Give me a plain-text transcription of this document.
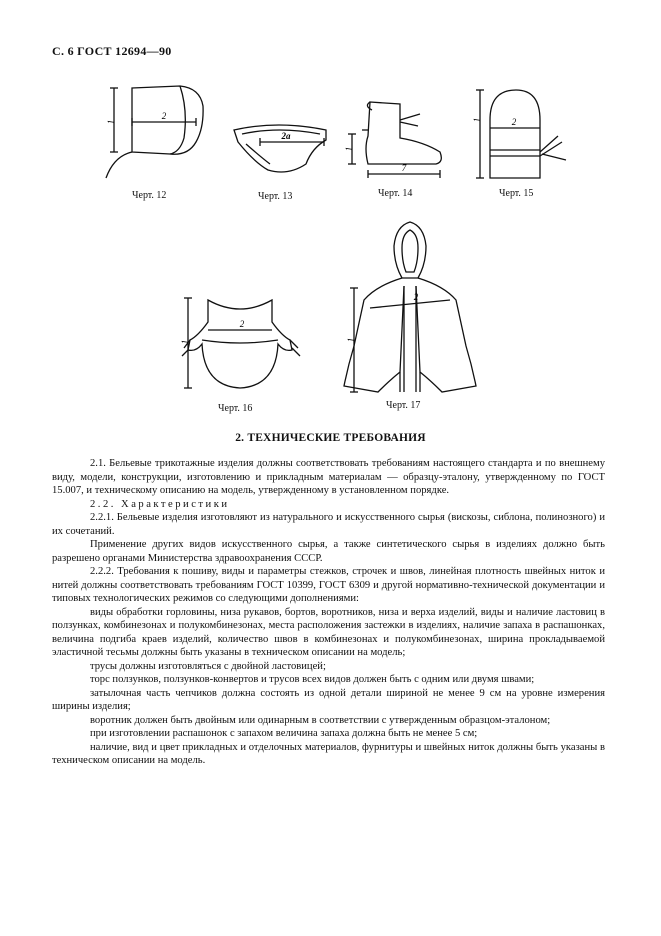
С. 6 ГОСТ 12694—90
1
2
Черт. 12
2а
Черт. 13
1
7
Черт. 14
1	2
Черт. 15
1
2
Черт. 16
1
2
Черт. 17
2. ТЕХНИЧЕСКИЕ ТРЕБОВАНИЯ

2.1. Бельевые трикотажные изделия должны соответствовать требованиям настоящего стандарта и по внешнему виду, модели, конструкции, изготовлению и прикладным материалам — образцу-эталону, утвержденному по ГОСТ 15.007, и техническому описанию на модель, утвержденному в установленном порядке.

2.2. Характеристики

2.2.1. Бельевые изделия изготовляют из натурального и искусственного сырья (вискозы, сиблона, полинозного) и их сочетаний.

Применение других видов искусственного сырья, а также синтетического сырья в изделиях должно быть разрешено органами Министерства здравоохранения СССР.

2.2.2. Требования к пошиву, виды и параметры стежков, строчек и швов, линейная плотность швейных ниток и нитей должны соответствовать требованиям ГОСТ 10399, ГОСТ 6309 и другой нормативно-технической документации и типовых технологических режимов со следующими дополнениями:

виды обработки горловины, низа рукавов, бортов, воротников, низа и верха изделий, виды и наличие ластовиц в ползунках, комбинезонах и полукомбинезонах, места расположения застежки в изделиях, наличие запаха в распашонках, величина подгиба краев изделий, количество швов в комбинезонах и полукомбинезонах, ширина прокладываемой эластичной тесьмы должны быть указаны в техническом описании на модель;

трусы должны изготовляться с двойной ластовицей;

торс ползунков, ползунков-конвертов и трусов всех видов должен быть с одним или двумя швами;

затылочная часть чепчиков должна состоять из одной детали шириной не менее 9 см на уровне измерения ширины изделия;

воротник должен быть двойным или одинарным в соответствии с утвержденным образцом-эталоном;

при изготовлении распашонок с запахом величина запаха должна быть не менее 5 см;

наличие, вид и цвет прикладных и отделочных материалов, фурнитуры и швейных ниток должны быть указаны в техническом описании на модель.
